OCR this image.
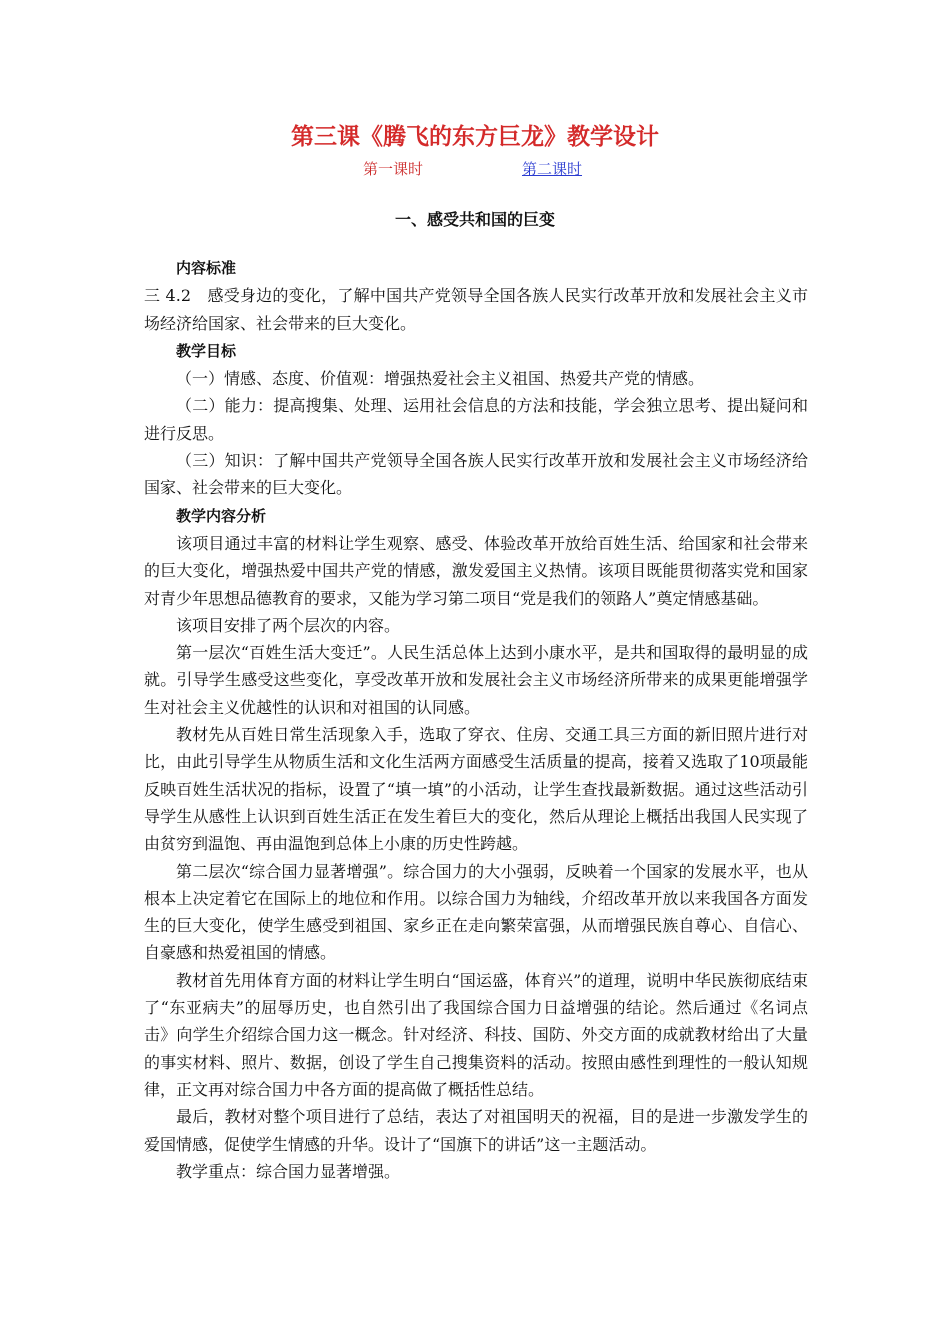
第三课《腾飞的东方巨龙》教学设计
第一课时	第二课时
一、感受共和国的巨变

内容标准

三 4.2　感受身边的变化，了解中国共产党领导全国各族人民实行改革开放和发展社会主义市场经济给国家、社会带来的巨大变化。

教学目标

（一）情感、态度、价值观：增强热爱社会主义祖国、热爱共产党的情感。

（二）能力：提高搜集、处理、运用社会信息的方法和技能，学会独立思考、提出疑问和进行反思。

（三）知识：了解中国共产党领导全国各族人民实行改革开放和发展社会主义市场经济给国家、社会带来的巨大变化。

教学内容分析

该项目通过丰富的材料让学生观察、感受、体验改革开放给百姓生活、给国家和社会带来的巨大变化，增强热爱中国共产党的情感，激发爱国主义热情。该项目既能贯彻落实党和国家对青少年思想品德教育的要求，又能为学习第二项目“党是我们的领路人”奠定情感基础。

该项目安排了两个层次的内容。

第一层次“百姓生活大变迁”。人民生活总体上达到小康水平，是共和国取得的最明显的成就。引导学生感受这些变化，享受改革开放和发展社会主义市场经济所带来的成果更能增强学生对社会主义优越性的认识和对祖国的认同感。

教材先从百姓日常生活现象入手，选取了穿衣、住房、交通工具三方面的新旧照片进行对比，由此引导学生从物质生活和文化生活两方面感受生活质量的提高，接着又选取了10项最能反映百姓生活状况的指标，设置了“填一填”的小活动，让学生查找最新数据。通过这些活动引导学生从感性上认识到百姓生活正在发生着巨大的变化，然后从理论上概括出我国人民实现了由贫穷到温饱、再由温饱到总体上小康的历史性跨越。

第二层次“综合国力显著增强”。综合国力的大小强弱，反映着一个国家的发展水平，也从根本上决定着它在国际上的地位和作用。以综合国力为轴线，介绍改革开放以来我国各方面发生的巨大变化，使学生感受到祖国、家乡正在走向繁荣富强，从而增强民族自尊心、自信心、自豪感和热爱祖国的情感。

教材首先用体育方面的材料让学生明白“国运盛，体育兴”的道理，说明中华民族彻底结束了“东亚病夫”的屈辱历史，也自然引出了我国综合国力日益增强的结论。然后通过《名词点击》向学生介绍综合国力这一概念。针对经济、科技、国防、外交方面的成就教材给出了大量的事实材料、照片、数据，创设了学生自己搜集资料的活动。按照由感性到理性的一般认知规律，正文再对综合国力中各方面的提高做了概括性总结。

最后，教材对整个项目进行了总结，表达了对祖国明天的祝福，目的是进一步激发学生的爱国情感，促使学生情感的升华。设计了“国旗下的讲话”这一主题活动。

教学重点：综合国力显著增强。
